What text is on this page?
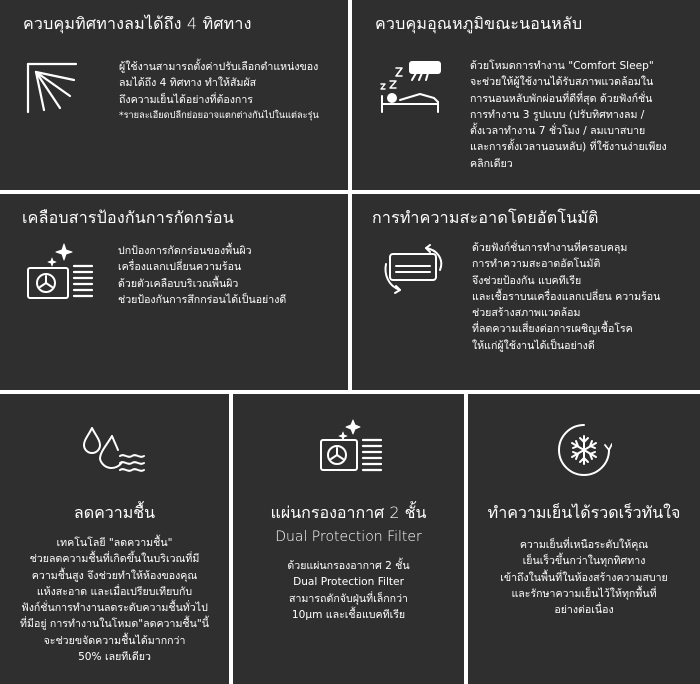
ควบคุมทิศทางลมได้ถึง 4 ทิศทาง
ผู้ใช้งานสามารถตั้งค่าปรับเลือกตำแหน่งของ
ลมได้ถึง 4 ทิศทาง ทำให้สัมผัส
ถึงความเย็นได้อย่างที่ต้องการ
*รายละเอียดปลีกย่อยอาจแตกต่างกันไปในแต่ละรุ่น
ควบคุมอุณหภูมิขณะนอนหลับ
ด้วยโหมดการทำงาน "Comfort Sleep"
จะช่วยให้ผู้ใช้งานได้รับสภาพแวดล้อมใน
การนอนหลับพักผ่อนที่ดีที่สุด ด้วยฟังก์ชั่น
การทำงาน 3 รูปแบบ (ปรับทิศทางลม /
ตั้งเวลาทำงาน 7 ชั่วโมง / ลมเบาสบาย
และการตั้งเวลานอนหลับ) ที่ใช้งานง่ายเพียง
คลิกเดียว
เคลือบสารป้องกันการกัดกร่อน
ปกป้องการกัดกร่อนของพื้นผิว
เครื่องแลกเปลี่ยนความร้อน
ด้วยตัวเคลือบบริเวณพื้นผิว
ช่วยป้องกันการสึกกร่อนได้เป็นอย่างดี
การทำความสะอาดโดยอัตโนมัติ
ด้วยฟังก์ชั่นการทำงานที่ครอบคลุม
การทำความสะอาดอัตโนมัติ
จึงช่วยป้องกัน แบคทีเรีย
และเชื้อราบนเครื่องแลกเปลี่ยน ความร้อน
ช่วยสร้างสภาพแวดล้อม
ที่ลดความเสี่ยงต่อการเผชิญเชื้อโรค
ให้แก่ผู้ใช้งานได้เป็นอย่างดี
ลดความชื้น
เทคโนโลยี "ลดความชื้น"
ช่วยลดความชื้นที่เกิดขึ้นในบริเวณที่มี
ความชื้นสูง จึงช่วยทำให้ห้องของคุณ
แห้งสะอาด และเมื่อเปรียบเทียบกับ
ฟังก์ชั่นการทำงานลดระดับความชื้นทั่วไป
ที่มีอยู่ การทำงานในโหมด"ลดความชื้น"นี้
จะช่วยขจัดความชื้นได้มากกว่า
50% เลยทีเดียว
แผ่นกรองอากาศ 2 ชั้น
Dual Protection Filter
ด้วยแผ่นกรองอากาศ 2 ชั้น
Dual Protection Filter
สามารถดักจับฝุ่นที่เล็กกว่า
10μm และเชื้อแบคทีเรีย
ทำความเย็นได้รวดเร็วทันใจ
ความเย็นที่เหนือระดับให้คุณ
เย็นเร็วขึ้นกว่าในทุกทิศทาง
เข้าถึงในพื้นที่ในห้องสร้างความสบาย
และรักษาความเย็นไว้ให้ทุกพื้นที่
อย่างต่อเนื่อง
